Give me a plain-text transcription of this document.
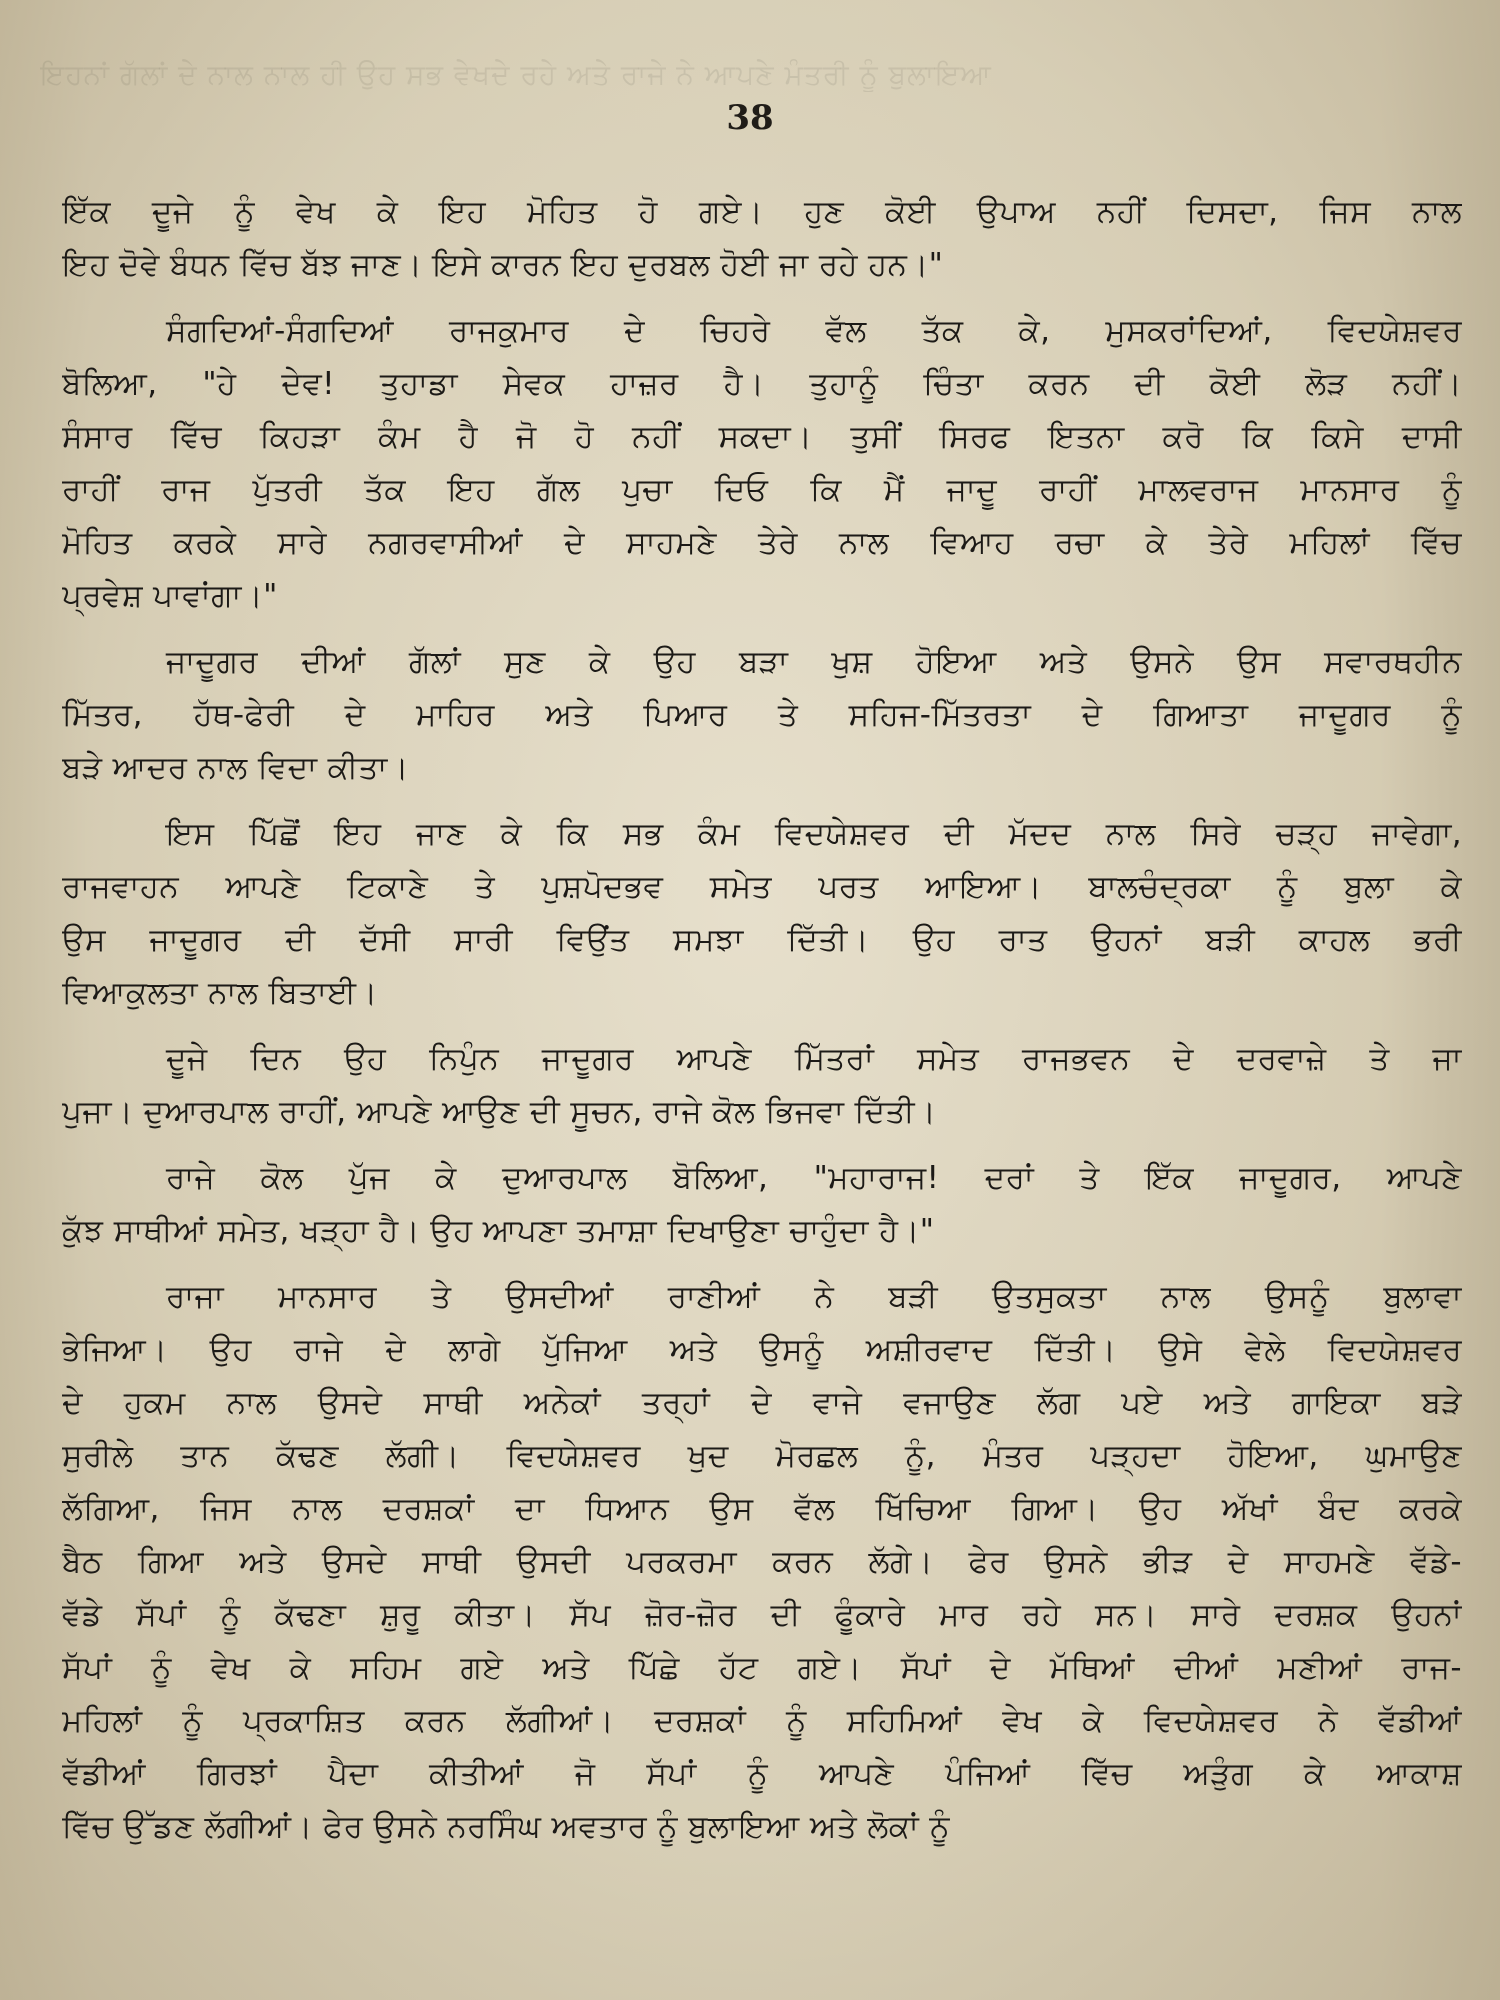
ਇਹਨਾਂ ਗੱਲਾਂ ਦੇ ਨਾਲ ਨਾਲ ਹੀ ਉਹ ਸਭ ਵੇਖਦੇ ਰਹੇ ਅਤੇ ਰਾਜੇ ਨੇ ਆਪਣੇ ਮੰਤਰੀ ਨੂੰ ਬੁਲਾਇਆ
38
ਇੱਕ ਦੂਜੇ ਨੂੰ ਵੇਖ ਕੇ ਇਹ ਮੋਹਿਤ ਹੋ ਗਏ। ਹੁਣ ਕੋਈ ਉਪਾਅ ਨਹੀਂ ਦਿਸਦਾ, ਜਿਸ ਨਾਲ
ਇਹ ਦੋਵੇ ਬੰਧਨ ਵਿੱਚ ਬੱਝ ਜਾਣ। ਇਸੇ ਕਾਰਨ ਇਹ ਦੁਰਬਲ ਹੋਈ ਜਾ ਰਹੇ ਹਨ।"
ਸੰਗਦਿਆਂ-ਸੰਗਦਿਆਂ ਰਾਜਕੁਮਾਰ ਦੇ ਚਿਹਰੇ ਵੱਲ ਤੱਕ ਕੇ, ਮੁਸਕਰਾਂਦਿਆਂ, ਵਿਦਯੇਸ਼ਵਰ
ਬੋਲਿਆ, "ਹੇ ਦੇਵ! ਤੁਹਾਡਾ ਸੇਵਕ ਹਾਜ਼ਰ ਹੈ। ਤੁਹਾਨੂੰ ਚਿੰਤਾ ਕਰਨ ਦੀ ਕੋਈ ਲੋੜ ਨਹੀਂ।
ਸੰਸਾਰ ਵਿੱਚ ਕਿਹੜਾ ਕੰਮ ਹੈ ਜੋ ਹੋ ਨਹੀਂ ਸਕਦਾ। ਤੁਸੀਂ ਸਿਰਫ ਇਤਨਾ ਕਰੋ ਕਿ ਕਿਸੇ ਦਾਸੀ
ਰਾਹੀਂ ਰਾਜ ਪੁੱਤਰੀ ਤੱਕ ਇਹ ਗੱਲ ਪੁਚਾ ਦਿਓ ਕਿ ਮੈਂ ਜਾਦੂ ਰਾਹੀਂ ਮਾਲਵਰਾਜ ਮਾਨਸਾਰ ਨੂੰ
ਮੋਹਿਤ ਕਰਕੇ ਸਾਰੇ ਨਗਰਵਾਸੀਆਂ ਦੇ ਸਾਹਮਣੇ ਤੇਰੇ ਨਾਲ ਵਿਆਹ ਰਚਾ ਕੇ ਤੇਰੇ ਮਹਿਲਾਂ ਵਿੱਚ
ਪ੍ਰਵੇਸ਼ ਪਾਵਾਂਗਾ।"
ਜਾਦੂਗਰ ਦੀਆਂ ਗੱਲਾਂ ਸੁਣ ਕੇ ਉਹ ਬੜਾ ਖੁਸ਼ ਹੋਇਆ ਅਤੇ ਉਸਨੇ ਉਸ ਸਵਾਰਥਹੀਨ
ਮਿੱਤਰ, ਹੱਥ-ਫੇਰੀ ਦੇ ਮਾਹਿਰ ਅਤੇ ਪਿਆਰ ਤੇ ਸਹਿਜ-ਮਿੱਤਰਤਾ ਦੇ ਗਿਆਤਾ ਜਾਦੂਗਰ ਨੂੰ
ਬੜੇ ਆਦਰ ਨਾਲ ਵਿਦਾ ਕੀਤਾ।
ਇਸ ਪਿੱਛੋਂ ਇਹ ਜਾਣ ਕੇ ਕਿ ਸਭ ਕੰਮ ਵਿਦਯੇਸ਼ਵਰ ਦੀ ਮੱਦਦ ਨਾਲ ਸਿਰੇ ਚੜ੍ਹ ਜਾਵੇਗਾ,
ਰਾਜਵਾਹਨ ਆਪਣੇ ਟਿਕਾਣੇ ਤੇ ਪੁਸ਼ਪੋਦਭਵ ਸਮੇਤ ਪਰਤ ਆਇਆ। ਬਾਲਚੰਦ੍ਰਕਾ ਨੂੰ ਬੁਲਾ ਕੇ
ਉਸ ਜਾਦੂਗਰ ਦੀ ਦੱਸੀ ਸਾਰੀ ਵਿਉਂਤ ਸਮਝਾ ਦਿੱਤੀ। ਉਹ ਰਾਤ ਉਹਨਾਂ ਬੜੀ ਕਾਹਲ ਭਰੀ
ਵਿਆਕੁਲਤਾ ਨਾਲ ਬਿਤਾਈ।
ਦੂਜੇ ਦਿਨ ਉਹ ਨਿਪੁੰਨ ਜਾਦੂਗਰ ਆਪਣੇ ਮਿੱਤਰਾਂ ਸਮੇਤ ਰਾਜਭਵਨ ਦੇ ਦਰਵਾਜ਼ੇ ਤੇ ਜਾ
ਪੁਜਾ। ਦੁਆਰਪਾਲ ਰਾਹੀਂ, ਆਪਣੇ ਆਉਣ ਦੀ ਸੂਚਨ, ਰਾਜੇ ਕੋਲ ਭਿਜਵਾ ਦਿੱਤੀ।
ਰਾਜੇ ਕੋਲ ਪੁੱਜ ਕੇ ਦੁਆਰਪਾਲ ਬੋਲਿਆ, "ਮਹਾਰਾਜ! ਦਰਾਂ ਤੇ ਇੱਕ ਜਾਦੂਗਰ, ਆਪਣੇ
ਕੁੱਝ ਸਾਥੀਆਂ ਸਮੇਤ, ਖੜ੍ਹਾ ਹੈ। ਉਹ ਆਪਣਾ ਤਮਾਸ਼ਾ ਦਿਖਾਉਣਾ ਚਾਹੁੰਦਾ ਹੈ।"
ਰਾਜਾ ਮਾਨਸਾਰ ਤੇ ਉਸਦੀਆਂ ਰਾਣੀਆਂ ਨੇ ਬੜੀ ਉਤਸੁਕਤਾ ਨਾਲ ਉਸਨੂੰ ਬੁਲਾਵਾ
ਭੇਜਿਆ। ਉਹ ਰਾਜੇ ਦੇ ਲਾਗੇ ਪੁੱਜਿਆ ਅਤੇ ਉਸਨੂੰ ਅਸ਼ੀਰਵਾਦ ਦਿੱਤੀ। ਉਸੇ ਵੇਲੇ ਵਿਦਯੇਸ਼ਵਰ
ਦੇ ਹੁਕਮ ਨਾਲ ਉਸਦੇ ਸਾਥੀ ਅਨੇਕਾਂ ਤਰ੍ਹਾਂ ਦੇ ਵਾਜੇ ਵਜਾਉਣ ਲੱਗ ਪਏ ਅਤੇ ਗਾਇਕਾ ਬੜੇ
ਸੁਰੀਲੇ ਤਾਨ ਕੱਢਣ ਲੱਗੀ। ਵਿਦਯੇਸ਼ਵਰ ਖੁਦ ਮੋਰਛਲ ਨੂੰ, ਮੰਤਰ ਪੜ੍ਹਦਾ ਹੋਇਆ, ਘੁਮਾਉਣ
ਲੱਗਿਆ, ਜਿਸ ਨਾਲ ਦਰਸ਼ਕਾਂ ਦਾ ਧਿਆਨ ਉਸ ਵੱਲ ਖਿੱਚਿਆ ਗਿਆ। ਉਹ ਅੱਖਾਂ ਬੰਦ ਕਰਕੇ
ਬੈਠ ਗਿਆ ਅਤੇ ਉਸਦੇ ਸਾਥੀ ਉਸਦੀ ਪਰਕਰਮਾ ਕਰਨ ਲੱਗੇ। ਫੇਰ ਉਸਨੇ ਭੀੜ ਦੇ ਸਾਹਮਣੇ ਵੱਡੇ-
ਵੱਡੇ ਸੱਪਾਂ ਨੂੰ ਕੱਢਣਾ ਸ਼ੁਰੂ ਕੀਤਾ। ਸੱਪ ਜ਼ੋਰ-ਜ਼ੋਰ ਦੀ ਫੂੰਕਾਰੇ ਮਾਰ ਰਹੇ ਸਨ। ਸਾਰੇ ਦਰਸ਼ਕ ਉਹਨਾਂ
ਸੱਪਾਂ ਨੂੰ ਵੇਖ ਕੇ ਸਹਿਮ ਗਏ ਅਤੇ ਪਿੱਛੇ ਹੱਟ ਗਏ। ਸੱਪਾਂ ਦੇ ਮੱਥਿਆਂ ਦੀਆਂ ਮਣੀਆਂ ਰਾਜ-
ਮਹਿਲਾਂ ਨੂੰ ਪ੍ਰਕਾਸ਼ਿਤ ਕਰਨ ਲੱਗੀਆਂ। ਦਰਸ਼ਕਾਂ ਨੂੰ ਸਹਿਮਿਆਂ ਵੇਖ ਕੇ ਵਿਦਯੇਸ਼ਵਰ ਨੇ ਵੱਡੀਆਂ
ਵੱਡੀਆਂ ਗਿਰਝਾਂ ਪੈਦਾ ਕੀਤੀਆਂ ਜੋ ਸੱਪਾਂ ਨੂੰ ਆਪਣੇ ਪੰਜਿਆਂ ਵਿੱਚ ਅੜੁੰਗ ਕੇ ਆਕਾਸ਼
ਵਿੱਚ ਉੱਡਣ ਲੱਗੀਆਂ। ਫੇਰ ਉਸਨੇ ਨਰਸਿੰਘ ਅਵਤਾਰ ਨੂੰ ਬੁਲਾਇਆ ਅਤੇ ਲੋਕਾਂ ਨੂੰ
